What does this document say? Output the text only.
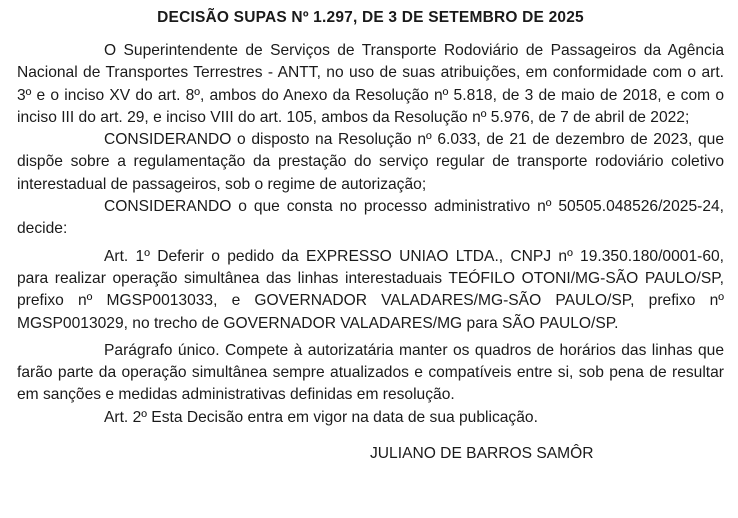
DECISÃO SUPAS Nº 1.297, DE 3 DE SETEMBRO DE 2025

O Superintendente de Serviços de Transporte Rodoviário de Passageiros da Agência Nacional de Transportes Terrestres - ANTT, no uso de suas atribuições, em conformidade com o art. 3º e o inciso XV do art. 8º, ambos do Anexo da Resolução nº 5.818, de 3 de maio de 2018, e com o inciso III do art. 29, e inciso VIII do art. 105, ambos da Resolução nº 5.976, de 7 de abril de 2022;

CONSIDERANDO o disposto na Resolução nº 6.033, de 21 de dezembro de 2023, que dispõe sobre a regulamentação da prestação do serviço regular de transporte rodoviário coletivo interestadual de passageiros, sob o regime de autorização;

CONSIDERANDO o que consta no processo administrativo nº 50505.048526/2025-24, decide:

Art. 1º Deferir o pedido da EXPRESSO UNIAO LTDA., CNPJ nº 19.350.180/0001-60, para realizar operação simultânea das linhas interestaduais TEÓFILO OTONI/MG-SÃO PAULO/SP, prefixo nº MGSP0013033, e GOVERNADOR VALADARES/MG-SÃO PAULO/SP, prefixo nº MGSP0013029, no trecho de GOVERNADOR VALADARES/MG para SÃO PAULO/SP.

Parágrafo único. Compete à autorizatária manter os quadros de horários das linhas que farão parte da operação simultânea sempre atualizados e compatíveis entre si, sob pena de resultar em sanções e medidas administrativas definidas em resolução.

Art. 2º Esta Decisão entra em vigor na data de sua publicação.

JULIANO DE BARROS SAMÔR
